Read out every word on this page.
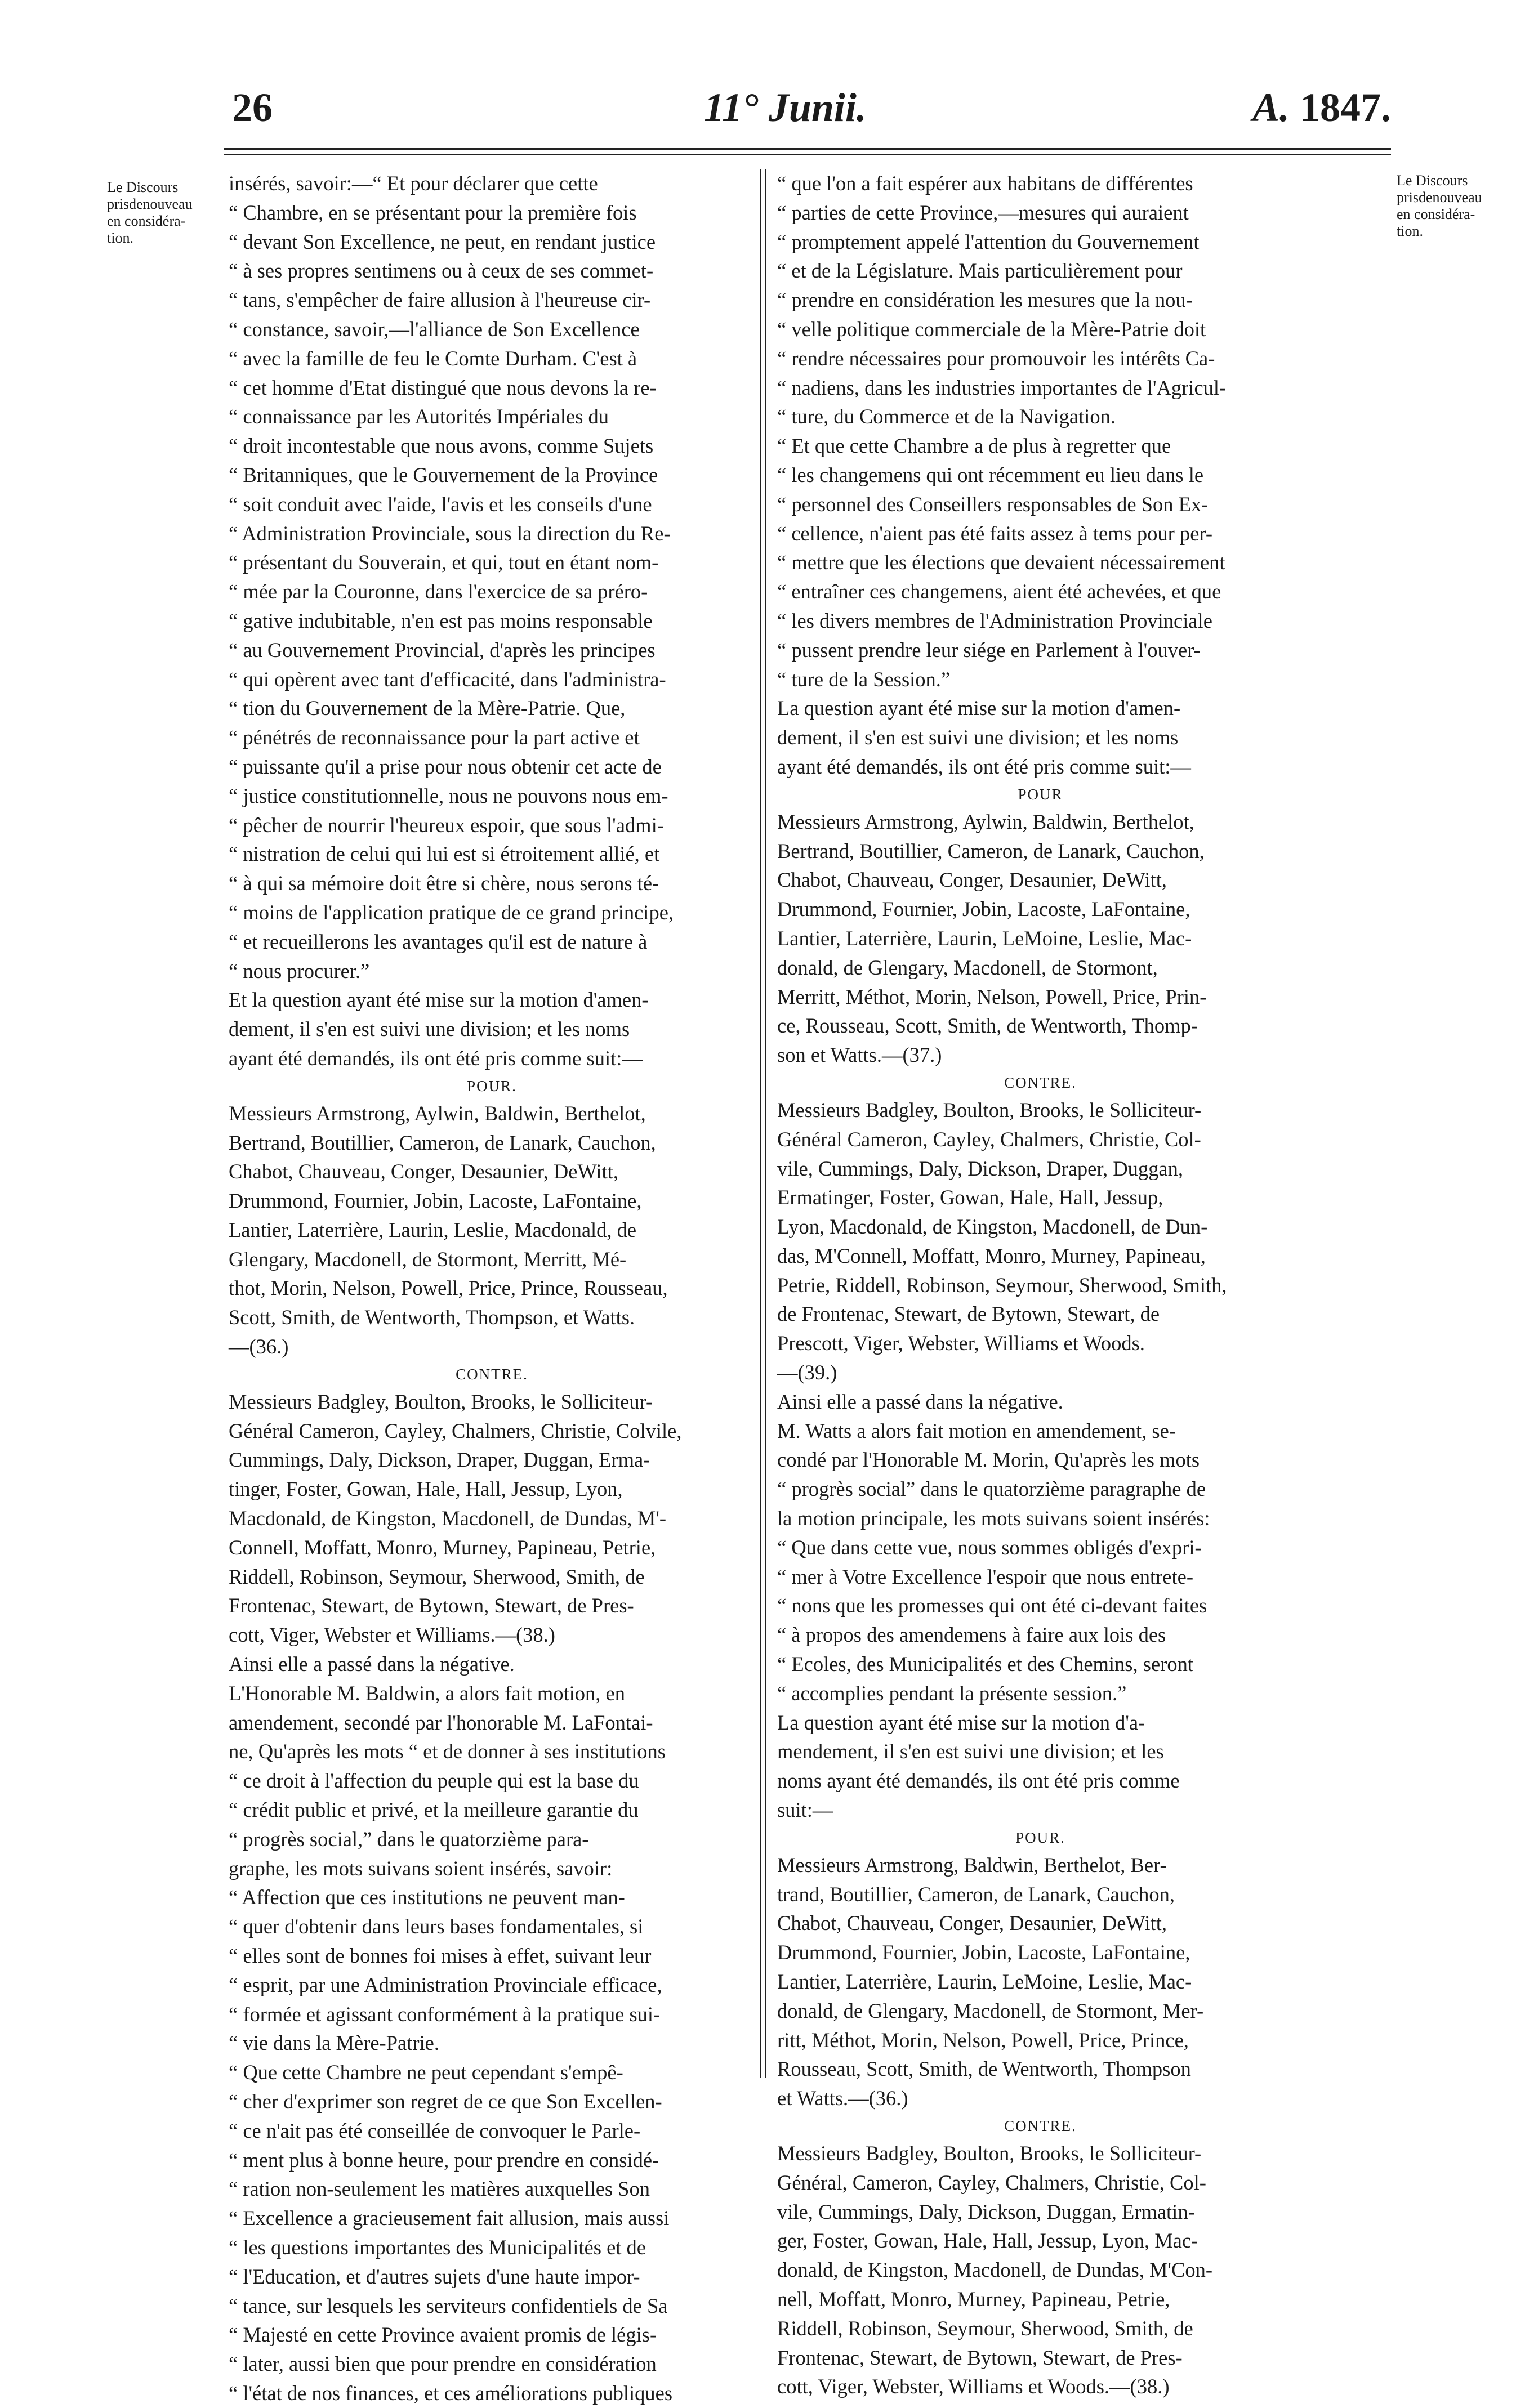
26	11° Junii.	A. 1847.
Le Discours prisdenouveau en considéra-tion.
Le Discours prisdenouveau en considéra-tion.

insérés, savoir:—“ Et pour déclarer que cette

“ Chambre, en se présentant pour la première fois

“ devant Son Excellence, ne peut, en rendant justice

“ à ses propres sentimens ou à ceux de ses commet-

“ tans, s'empêcher de faire allusion à l'heureuse cir-

“ constance, savoir,—l'alliance de Son Excellence

“ avec la famille de feu le Comte Durham. C'est à

“ cet homme d'Etat distingué que nous devons la re-

“ connaissance par les Autorités Impériales du

“ droit incontestable que nous avons, comme Sujets

“ Britanniques, que le Gouvernement de la Province

“ soit conduit avec l'aide, l'avis et les conseils d'une

“ Administration Provinciale, sous la direction du Re-

“ présentant du Souverain, et qui, tout en étant nom-

“ mée par la Couronne, dans l'exercice de sa préro-

“ gative indubitable, n'en est pas moins responsable

“ au Gouvernement Provincial, d'après les principes

“ qui opèrent avec tant d'efficacité, dans l'administra-

“ tion du Gouvernement de la Mère-Patrie. Que,

“ pénétrés de reconnaissance pour la part active et

“ puissante qu'il a prise pour nous obtenir cet acte de

“ justice constitutionnelle, nous ne pouvons nous em-

“ pêcher de nourrir l'heureux espoir, que sous l'admi-

“ nistration de celui qui lui est si étroitement allié, et

“ à qui sa mémoire doit être si chère, nous serons té-

“ moins de l'application pratique de ce grand principe,

“ et recueillerons les avantages qu'il est de nature à

“ nous procurer.”

Et la question ayant été mise sur la motion d'amen-

dement, il s'en est suivi une division; et les noms

ayant été demandés, ils ont été pris comme suit:—

POUR.

Messieurs Armstrong, Aylwin, Baldwin, Berthelot,

Bertrand, Boutillier, Cameron, de Lanark, Cauchon,

Chabot, Chauveau, Conger, Desaunier, DeWitt,

Drummond, Fournier, Jobin, Lacoste, LaFontaine,

Lantier, Laterrière, Laurin, Leslie, Macdonald, de

Glengary, Macdonell, de Stormont, Merritt, Mé-

thot, Morin, Nelson, Powell, Price, Prince, Rousseau,

Scott, Smith, de Wentworth, Thompson, et Watts.

—(36.)

CONTRE.

Messieurs Badgley, Boulton, Brooks, le Solliciteur-

Général Cameron, Cayley, Chalmers, Christie, Colvile,

Cummings, Daly, Dickson, Draper, Duggan, Erma-

tinger, Foster, Gowan, Hale, Hall, Jessup, Lyon,

Macdonald, de Kingston, Macdonell, de Dundas, M'-

Connell, Moffatt, Monro, Murney, Papineau, Petrie,

Riddell, Robinson, Seymour, Sherwood, Smith, de

Frontenac, Stewart, de Bytown, Stewart, de Pres-

cott, Viger, Webster et Williams.—(38.)

Ainsi elle a passé dans la négative.

L'Honorable M. Baldwin, a alors fait motion, en

amendement, secondé par l'honorable M. LaFontai-

ne, Qu'après les mots “ et de donner à ses institutions

“ ce droit à l'affection du peuple qui est la base du

“ crédit public et privé, et la meilleure garantie du

“ progrès social,” dans le quatorzième para-

graphe, les mots suivans soient insérés, savoir:

“ Affection que ces institutions ne peuvent man-

“ quer d'obtenir dans leurs bases fondamentales, si

“ elles sont de bonnes foi mises à effet, suivant leur

“ esprit, par une Administration Provinciale efficace,

“ formée et agissant conformément à la pratique sui-

“ vie dans la Mère-Patrie.

“ Que cette Chambre ne peut cependant s'empê-

“ cher d'exprimer son regret de ce que Son Excellen-

“ ce n'ait pas été conseillée de convoquer le Parle-

“ ment plus à bonne heure, pour prendre en considé-

“ ration non-seulement les matières auxquelles Son

“ Excellence a gracieusement fait allusion, mais aussi

“ les questions importantes des Municipalités et de

“ l'Education, et d'autres sujets d'une haute impor-

“ tance, sur lesquels les serviteurs confidentiels de Sa

“ Majesté en cette Province avaient promis de légis-

“ later, aussi bien que pour prendre en considération

“ l'état de nos finances, et ces améliorations publiques

“ que l'on a fait espérer aux habitans de différentes

“ parties de cette Province,—mesures qui auraient

“ promptement appelé l'attention du Gouvernement

“ et de la Législature. Mais particulièrement pour

“ prendre en considération les mesures que la nou-

“ velle politique commerciale de la Mère-Patrie doit

“ rendre nécessaires pour promouvoir les intérêts Ca-

“ nadiens, dans les industries importantes de l'Agricul-

“ ture, du Commerce et de la Navigation.

“ Et que cette Chambre a de plus à regretter que

“ les changemens qui ont récemment eu lieu dans le

“ personnel des Conseillers responsables de Son Ex-

“ cellence, n'aient pas été faits assez à tems pour per-

“ mettre que les élections que devaient nécessairement

“ entraîner ces changemens, aient été achevées, et que

“ les divers membres de l'Administration Provinciale

“ pussent prendre leur siége en Parlement à l'ouver-

“ ture de la Session.”

La question ayant été mise sur la motion d'amen-

dement, il s'en est suivi une division; et les noms

ayant été demandés, ils ont été pris comme suit:—

POUR

Messieurs Armstrong, Aylwin, Baldwin, Berthelot,

Bertrand, Boutillier, Cameron, de Lanark, Cauchon,

Chabot, Chauveau, Conger, Desaunier, DeWitt,

Drummond, Fournier, Jobin, Lacoste, LaFontaine,

Lantier, Laterrière, Laurin, LeMoine, Leslie, Mac-

donald, de Glengary, Macdonell, de Stormont,

Merritt, Méthot, Morin, Nelson, Powell, Price, Prin-

ce, Rousseau, Scott, Smith, de Wentworth, Thomp-

son et Watts.—(37.)

CONTRE.

Messieurs Badgley, Boulton, Brooks, le Solliciteur-

Général Cameron, Cayley, Chalmers, Christie, Col-

vile, Cummings, Daly, Dickson, Draper, Duggan,

Ermatinger, Foster, Gowan, Hale, Hall, Jessup,

Lyon, Macdonald, de Kingston, Macdonell, de Dun-

das, M'Connell, Moffatt, Monro, Murney, Papineau,

Petrie, Riddell, Robinson, Seymour, Sherwood, Smith,

de Frontenac, Stewart, de Bytown, Stewart, de

Prescott, Viger, Webster, Williams et Woods.

—(39.)

Ainsi elle a passé dans la négative.

M. Watts a alors fait motion en amendement, se-

condé par l'Honorable M. Morin, Qu'après les mots

“ progrès social” dans le quatorzième paragraphe de

la motion principale, les mots suivans soient insérés:

“ Que dans cette vue, nous sommes obligés d'expri-

“ mer à Votre Excellence l'espoir que nous entrete-

“ nons que les promesses qui ont été ci-devant faites

“ à propos des amendemens à faire aux lois des

“ Ecoles, des Municipalités et des Chemins, seront

“ accomplies pendant la présente session.”

La question ayant été mise sur la motion d'a-

mendement, il s'en est suivi une division; et les

noms ayant été demandés, ils ont été pris comme

suit:—

POUR.

Messieurs Armstrong, Baldwin, Berthelot, Ber-

trand, Boutillier, Cameron, de Lanark, Cauchon,

Chabot, Chauveau, Conger, Desaunier, DeWitt,

Drummond, Fournier, Jobin, Lacoste, LaFontaine,

Lantier, Laterrière, Laurin, LeMoine, Leslie, Mac-

donald, de Glengary, Macdonell, de Stormont, Mer-

ritt, Méthot, Morin, Nelson, Powell, Price, Prince,

Rousseau, Scott, Smith, de Wentworth, Thompson

et Watts.—(36.)

CONTRE.

Messieurs Badgley, Boulton, Brooks, le Solliciteur-

Général, Cameron, Cayley, Chalmers, Christie, Col-

vile, Cummings, Daly, Dickson, Duggan, Ermatin-

ger, Foster, Gowan, Hale, Hall, Jessup, Lyon, Mac-

donald, de Kingston, Macdonell, de Dundas, M'Con-

nell, Moffatt, Monro, Murney, Papineau, Petrie,

Riddell, Robinson, Seymour, Sherwood, Smith, de

Frontenac, Stewart, de Bytown, Stewart, de Pres-

cott, Viger, Webster, Williams et Woods.—(38.)
